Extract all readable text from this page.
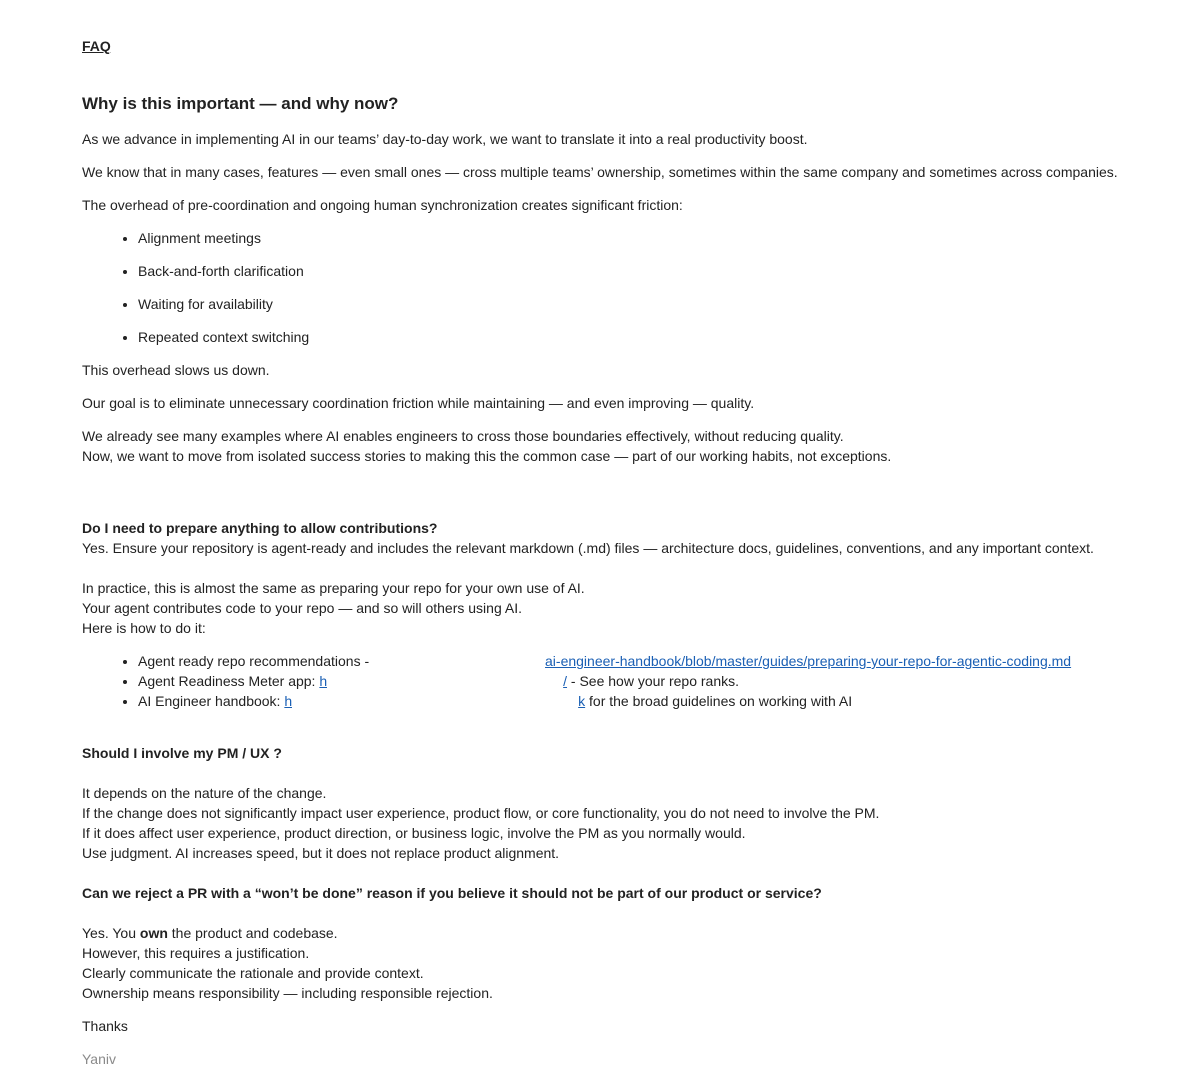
FAQ

Why is this important — and why now?

As we advance in implementing AI in our teams’ day-to-day work, we want to translate it into a real productivity boost.

We know that in many cases, features — even small ones — cross multiple teams’ ownership, sometimes within the same company and sometimes across companies.

The overhead of pre-coordination and ongoing human synchronization creates significant friction:

• Alignment meetings
• Back-and-forth clarification
• Waiting for availability
• Repeated context switching

This overhead slows us down.

Our goal is to eliminate unnecessary coordination friction while maintaining — and even improving — quality.

We already see many examples where AI enables engineers to cross those boundaries effectively, without reducing quality.

Now, we want to move from isolated success stories to making this the common case — part of our working habits, not exceptions.

Do I need to prepare anything to allow contributions?

Yes. Ensure your repository is agent-ready and includes the relevant markdown (.md) files — architecture docs, guidelines, conventions, and any important context.

In practice, this is almost the same as preparing your repo for your own use of AI.

Your agent contributes code to your repo — and so will others using AI.

Here is how to do it:

• Agent ready repo recommendations -	ai-engineer-handbook/blob/master/guides/preparing-your-repo-for-agentic-coding.md
• Agent Readiness Meter app: h	/ - See how your repo ranks.
• AI Engineer handbook: h	k for the broad guidelines on working with AI

Should I involve my PM / UX ?

It depends on the nature of the change.

If the change does not significantly impact user experience, product flow, or core functionality, you do not need to involve the PM.

If it does affect user experience, product direction, or business logic, involve the PM as you normally would.

Use judgment. AI increases speed, but it does not replace product alignment.

Can we reject a PR with a “won’t be done” reason if you believe it should not be part of our product or service?

Yes. You own the product and codebase.

However, this requires a justification.

Clearly communicate the rationale and provide context.

Ownership means responsibility — including responsible rejection.

Thanks

Yaniv
